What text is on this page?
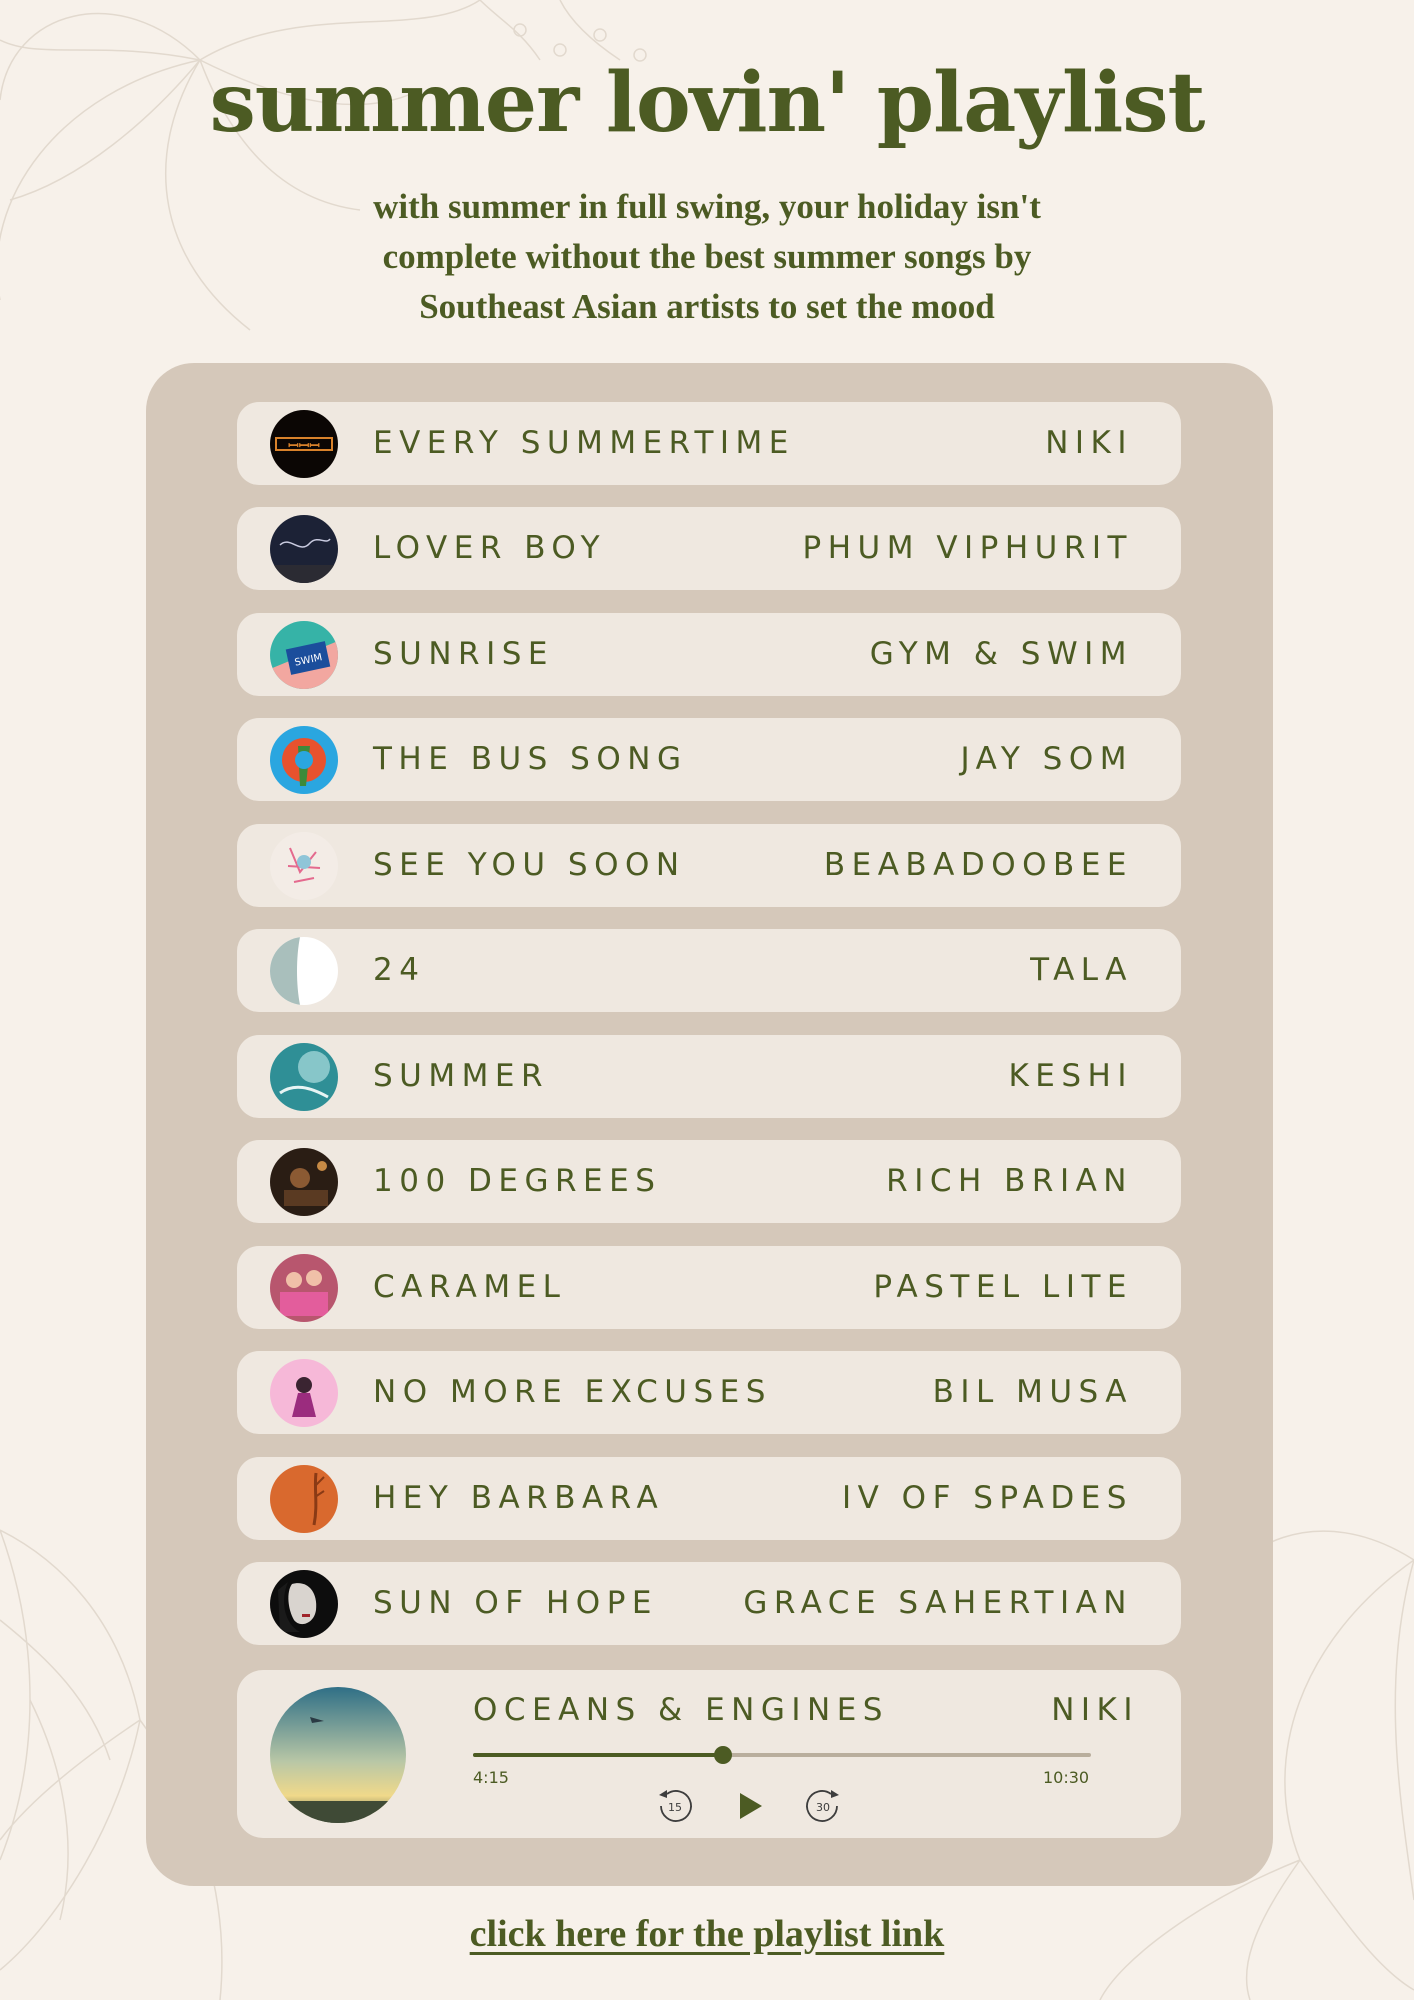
summer lovin' playlist

with summer in full swing, your holiday isn't
complete without the best summer songs by
Southeast Asian artists to set the mood

ꟷꟷꟷ EVERY SUMMERTIME	NIKI
LOVER BOY	PHUM VIPHURIT
SWIM SUNRISE	GYM & SWIM
THE BUS SONG	JAY SOM
SEE YOU SOON	BEABADOOBEE
24	TALA
SUMMER	KESHI
100 DEGREES	RICH BRIAN
CARAMEL	PASTEL LITE
NO MORE EXCUSES	BIL MUSA
HEY BARBARA	IV OF SPADES
SUN OF HOPE	GRACE SAHERTIAN
OCEANS & ENGINES	NIKI
4:15	10:30
15	30
click here for the playlist link
